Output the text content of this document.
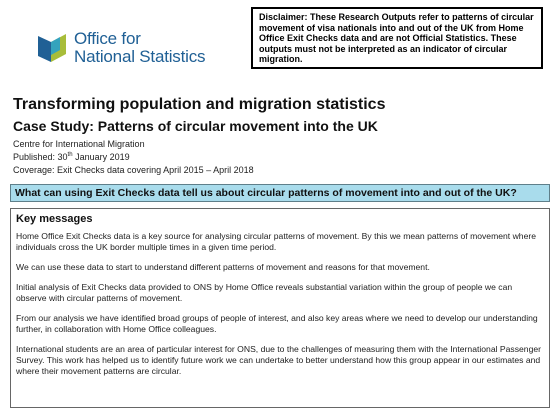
Office for
National Statistics
Disclaimer: These Research Outputs refer to patterns of circular movement of visa nationals into and out of the UK from Home Office Exit Checks data and are not Official Statistics. These outputs must not be interpreted as an indicator of circular migration.
Transforming population and migration statistics
Case Study: Patterns of circular movement into the UK
Centre for International Migration
Published: 30th January 2019
Coverage: Exit Checks data covering April 2015 – April 2018
What can using Exit Checks data tell us about circular patterns of movement into and out of the UK?
Key messages

Home Office Exit Checks data is a key source for analysing circular patterns of movement. By this we mean patterns of movement where individuals cross the UK border multiple times in a given time period.

We can use these data to start to understand different patterns of movement and reasons for that movement.

Initial analysis of Exit Checks data provided to ONS by Home Office reveals substantial variation within the group of people we can observe with circular patterns of movement.

From our analysis we have identified broad groups of people of interest, and also key areas where we need to develop our understanding further, in collaboration with Home Office colleagues.

International students are an area of particular interest for ONS, due to the challenges of measuring them with the International Passenger Survey. This work has helped us to identify future work we can undertake to better understand how this group appear in our estimates and where their movement patterns are circular.
